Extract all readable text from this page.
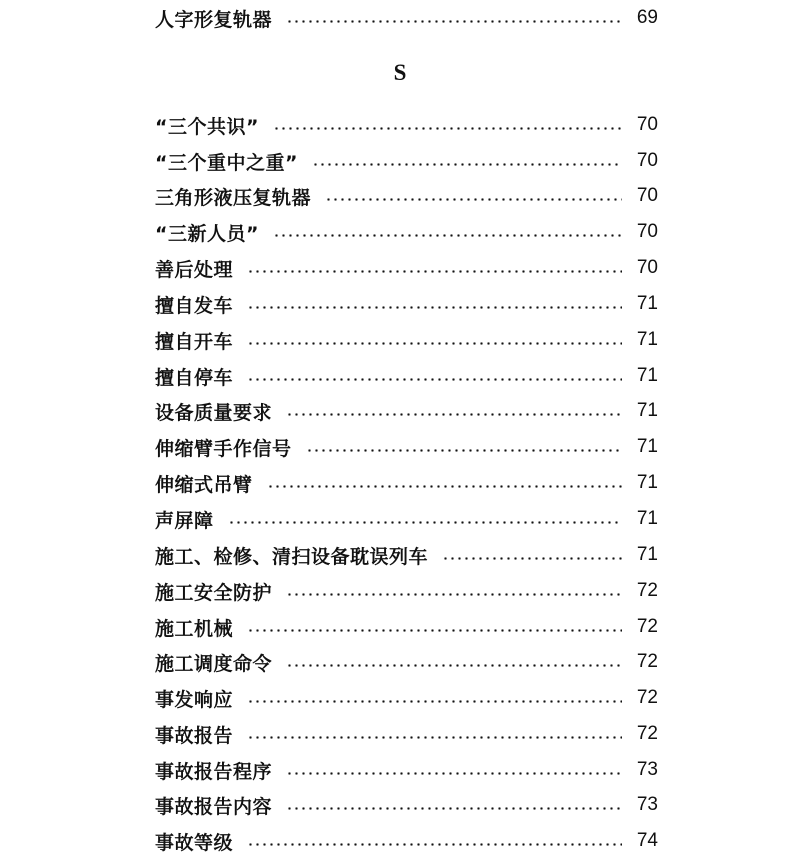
人字形复轨器	69
S
“三个共识”	70
“三个重中之重”	70
三角形液压复轨器	70
“三新人员”	70
善后处理	70
擅自发车	71
擅自开车	71
擅自停车	71
设备质量要求	71
伸缩臂手作信号	71
伸缩式吊臂	71
声屏障	71
施工、检修、清扫设备耽误列车	71
施工安全防护	72
施工机械	72
施工调度命令	72
事发响应	72
事故报告	72
事故报告程序	73
事故报告内容	73
事故等级	74
